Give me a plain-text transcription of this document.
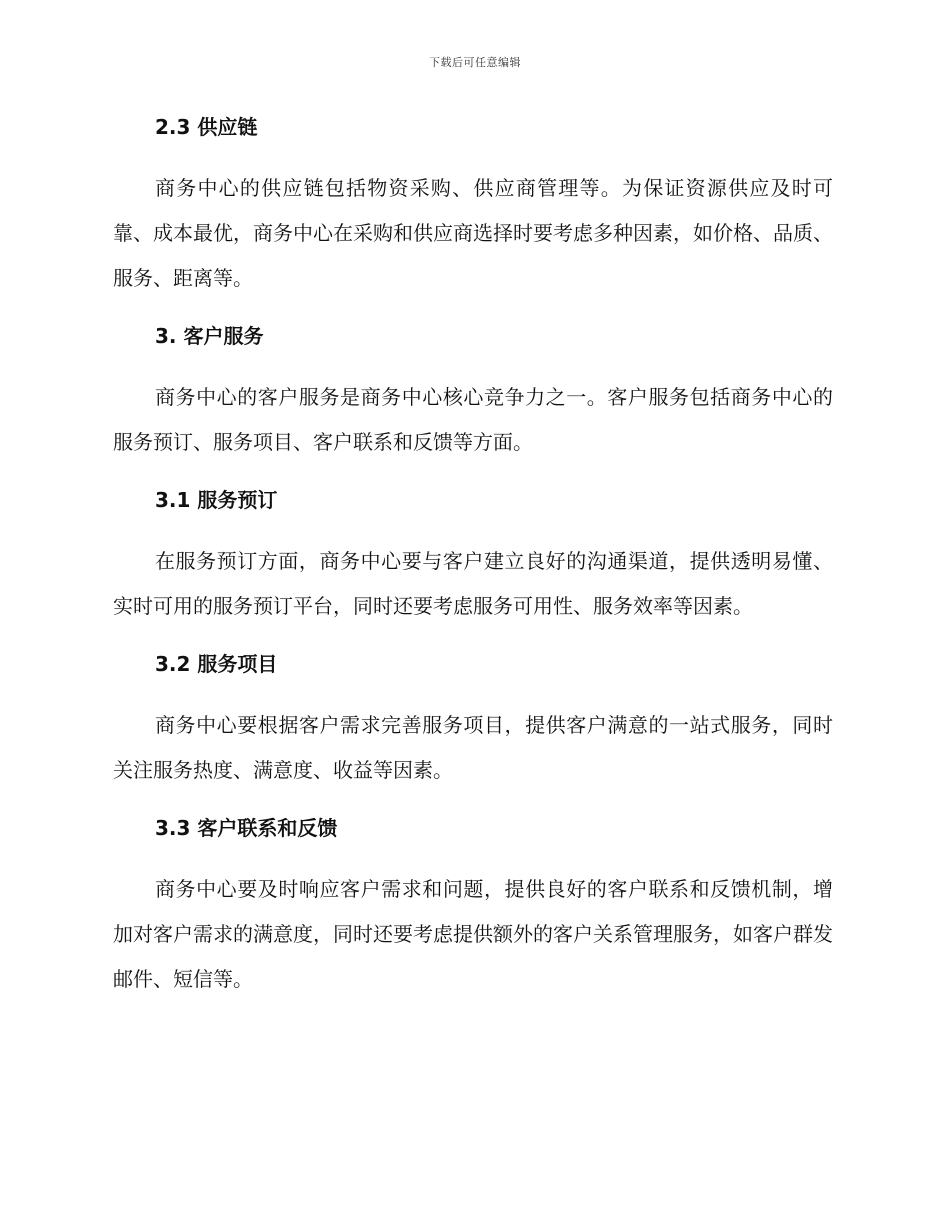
下载后可任意编辑
2.3 供应链

商务中心的供应链包括物资采购、供应商管理等。为保证资源供应及时可靠、成本最优，商务中心在采购和供应商选择时要考虑多种因素，如价格、品质、服务、距离等。

3. 客户服务

商务中心的客户服务是商务中心核心竞争力之一。客户服务包括商务中心的服务预订、服务项目、客户联系和反馈等方面。

3.1 服务预订

在服务预订方面，商务中心要与客户建立良好的沟通渠道，提供透明易懂、实时可用的服务预订平台，同时还要考虑服务可用性、服务效率等因素。

3.2 服务项目

商务中心要根据客户需求完善服务项目，提供客户满意的一站式服务，同时关注服务热度、满意度、收益等因素。

3.3 客户联系和反馈

商务中心要及时响应客户需求和问题，提供良好的客户联系和反馈机制，增加对客户需求的满意度，同时还要考虑提供额外的客户关系管理服务，如客户群发邮件、短信等。
